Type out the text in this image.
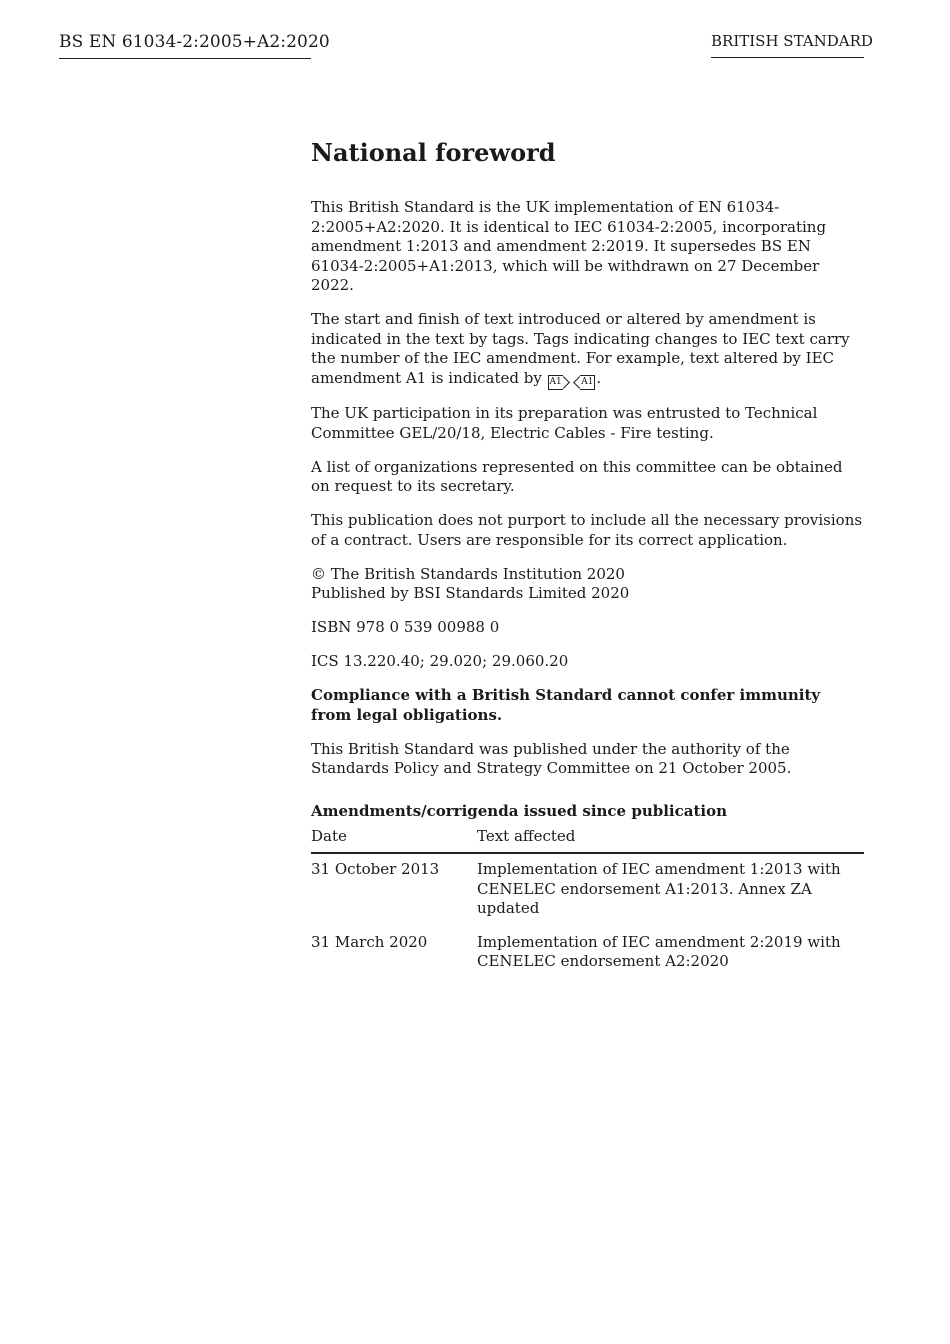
BS EN 61034-2:2005+A2:2020	BRITISH STANDARD
National foreword

This British Standard is the UK implementation of EN 61034-2:2005+A2:2020. It is identical to IEC 61034-2:2005, incorporating amendment 1:2013 and amendment 2:2019. It supersedes BS EN 61034-2:2005+A1:2013, which will be withdrawn on 27 December 2022.

The start and finish of text introduced or altered by amendment is indicated in the text by tags. Tags indicating changes to IEC text carry the number of the IEC amendment. For example, text altered by IEC amendment A1 is indicated by A1 A1 .

The UK participation in its preparation was entrusted to Technical Committee GEL/20/18, Electric Cables - Fire testing.

A list of organizations represented on this committee can be obtained on request to its secretary.

This publication does not purport to include all the necessary provisions of a contract. Users are responsible for its correct application.

© The British Standards Institution 2020
Published by BSI Standards Limited 2020

ISBN 978 0 539 00988 0

ICS 13.220.40; 29.020; 29.060.20

Compliance with a British Standard cannot confer immunity from legal obligations.

This British Standard was published under the authority of the Standards Policy and Strategy Committee on 21 October 2005.

Amendments/corrigenda issued since publication
Date	Text affected
31 October 2013	Implementation of IEC amendment 1:2013 with CENELEC endorsement A1:2013. Annex ZA updated
31 March 2020	Implementation of IEC amendment 2:2019 with CENELEC endorsement A2:2020
